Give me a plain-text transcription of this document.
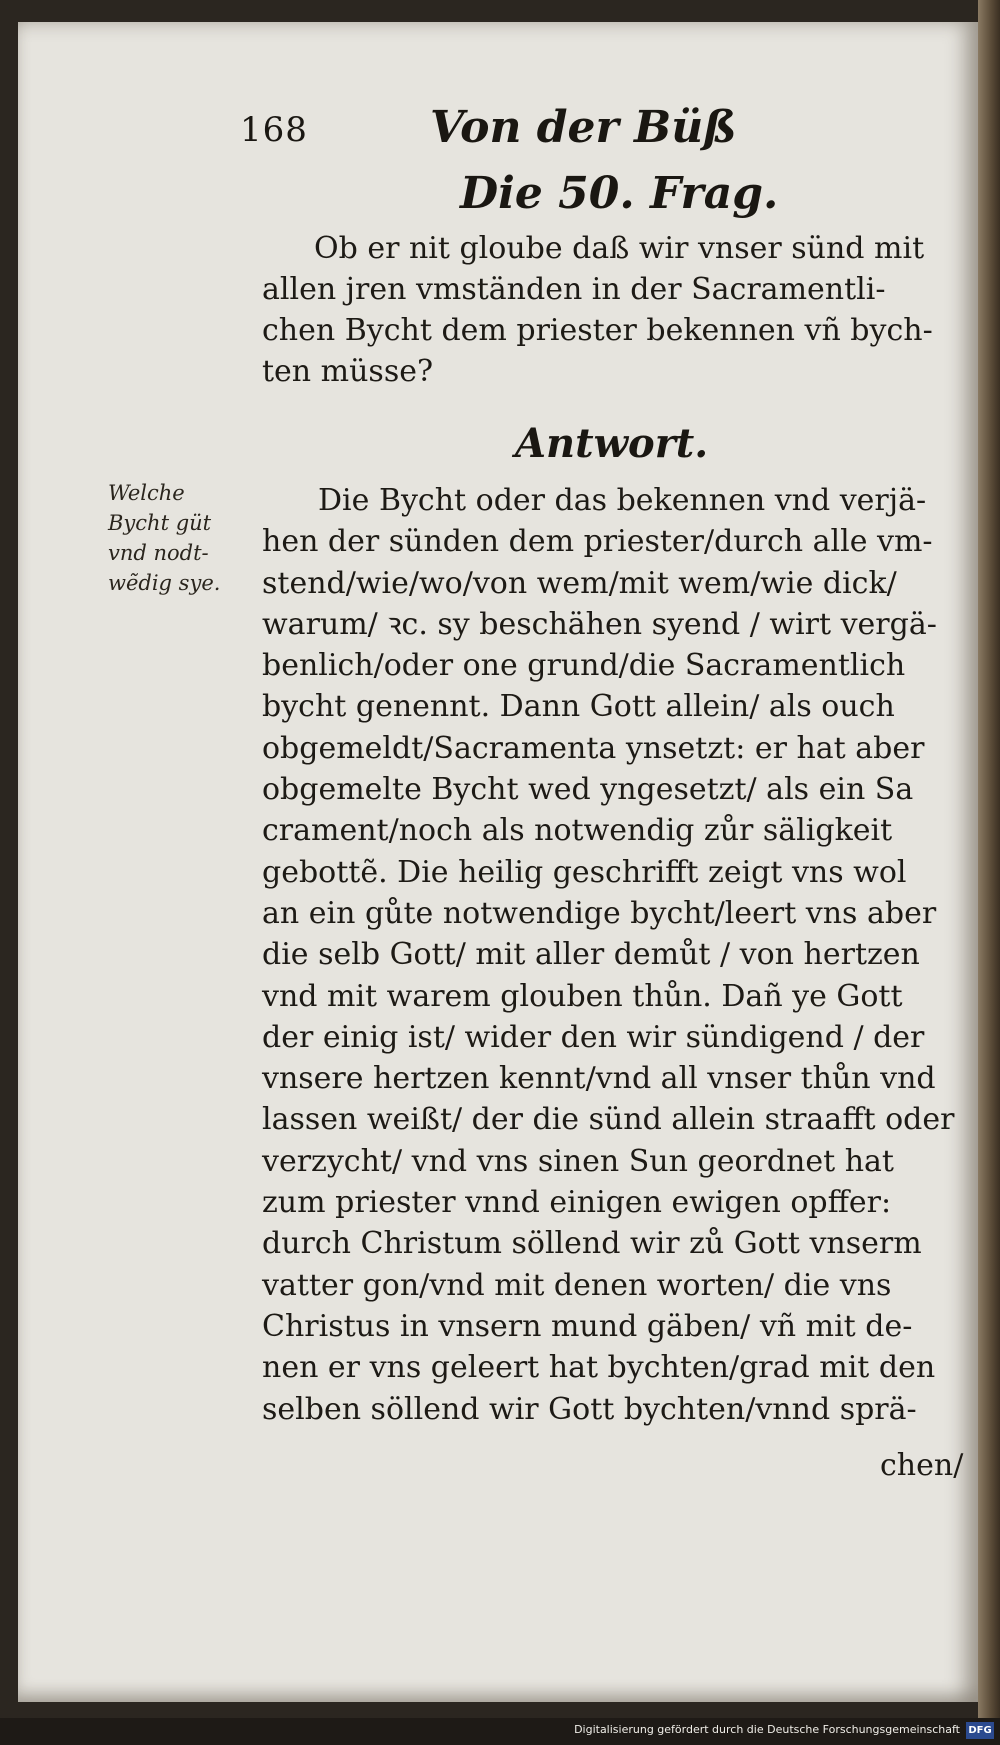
168	Von der Büß
Die 50. Frag.
Ob er nit gloube daß wir vnser sünd mit
allen jren vmständen in der Sacramentli-
chen Bycht dem priester bekennen vñ bych-
ten müsse?
Antwort.
Welche
Bycht güt
vnd nodt-
wẽdig sye.
Die Bycht oder das bekennen vnd verjä-
hen der sünden dem priester/durch alle vm-
stend/wie/wo/von wem/mit wem/wie dick/
warum/ ꝛc. sy beschähen syend / wirt vergä-
benlich/oder one grund/die Sacramentlich
bycht genennt. Dann Gott allein/ als ouch
obgemeldt/Sacramenta ynsetzt: er hat aber
obgemelte Bycht wed yngesetzt/ als ein Sa
crament/noch als notwendig zůr säligkeit
gebottẽ. Die heilig geschrifft zeigt vns wol
an ein gůte notwendige bycht/leert vns aber
die selb Gott/ mit aller demůt / von hertzen
vnd mit warem glouben thůn. Dañ ye Gott
der einig ist/ wider den wir sündigend / der
vnsere hertzen kennt/vnd all vnser thůn vnd
lassen weißt/ der die sünd allein straafft oder
verzycht/ vnd vns sinen Sun geordnet hat
zum priester vnnd einigen ewigen opffer:
durch Christum söllend wir zů Gott vnserm
vatter gon/vnd mit denen worten/ die vns
Christus in vnsern mund gäben/ vñ mit de-
nen er vns geleert hat bychten/grad mit den
selben söllend wir Gott bychten/vnnd sprä-
chen/
Digitalisierung gefördert durch die Deutsche Forschungsgemeinschaft DFG
